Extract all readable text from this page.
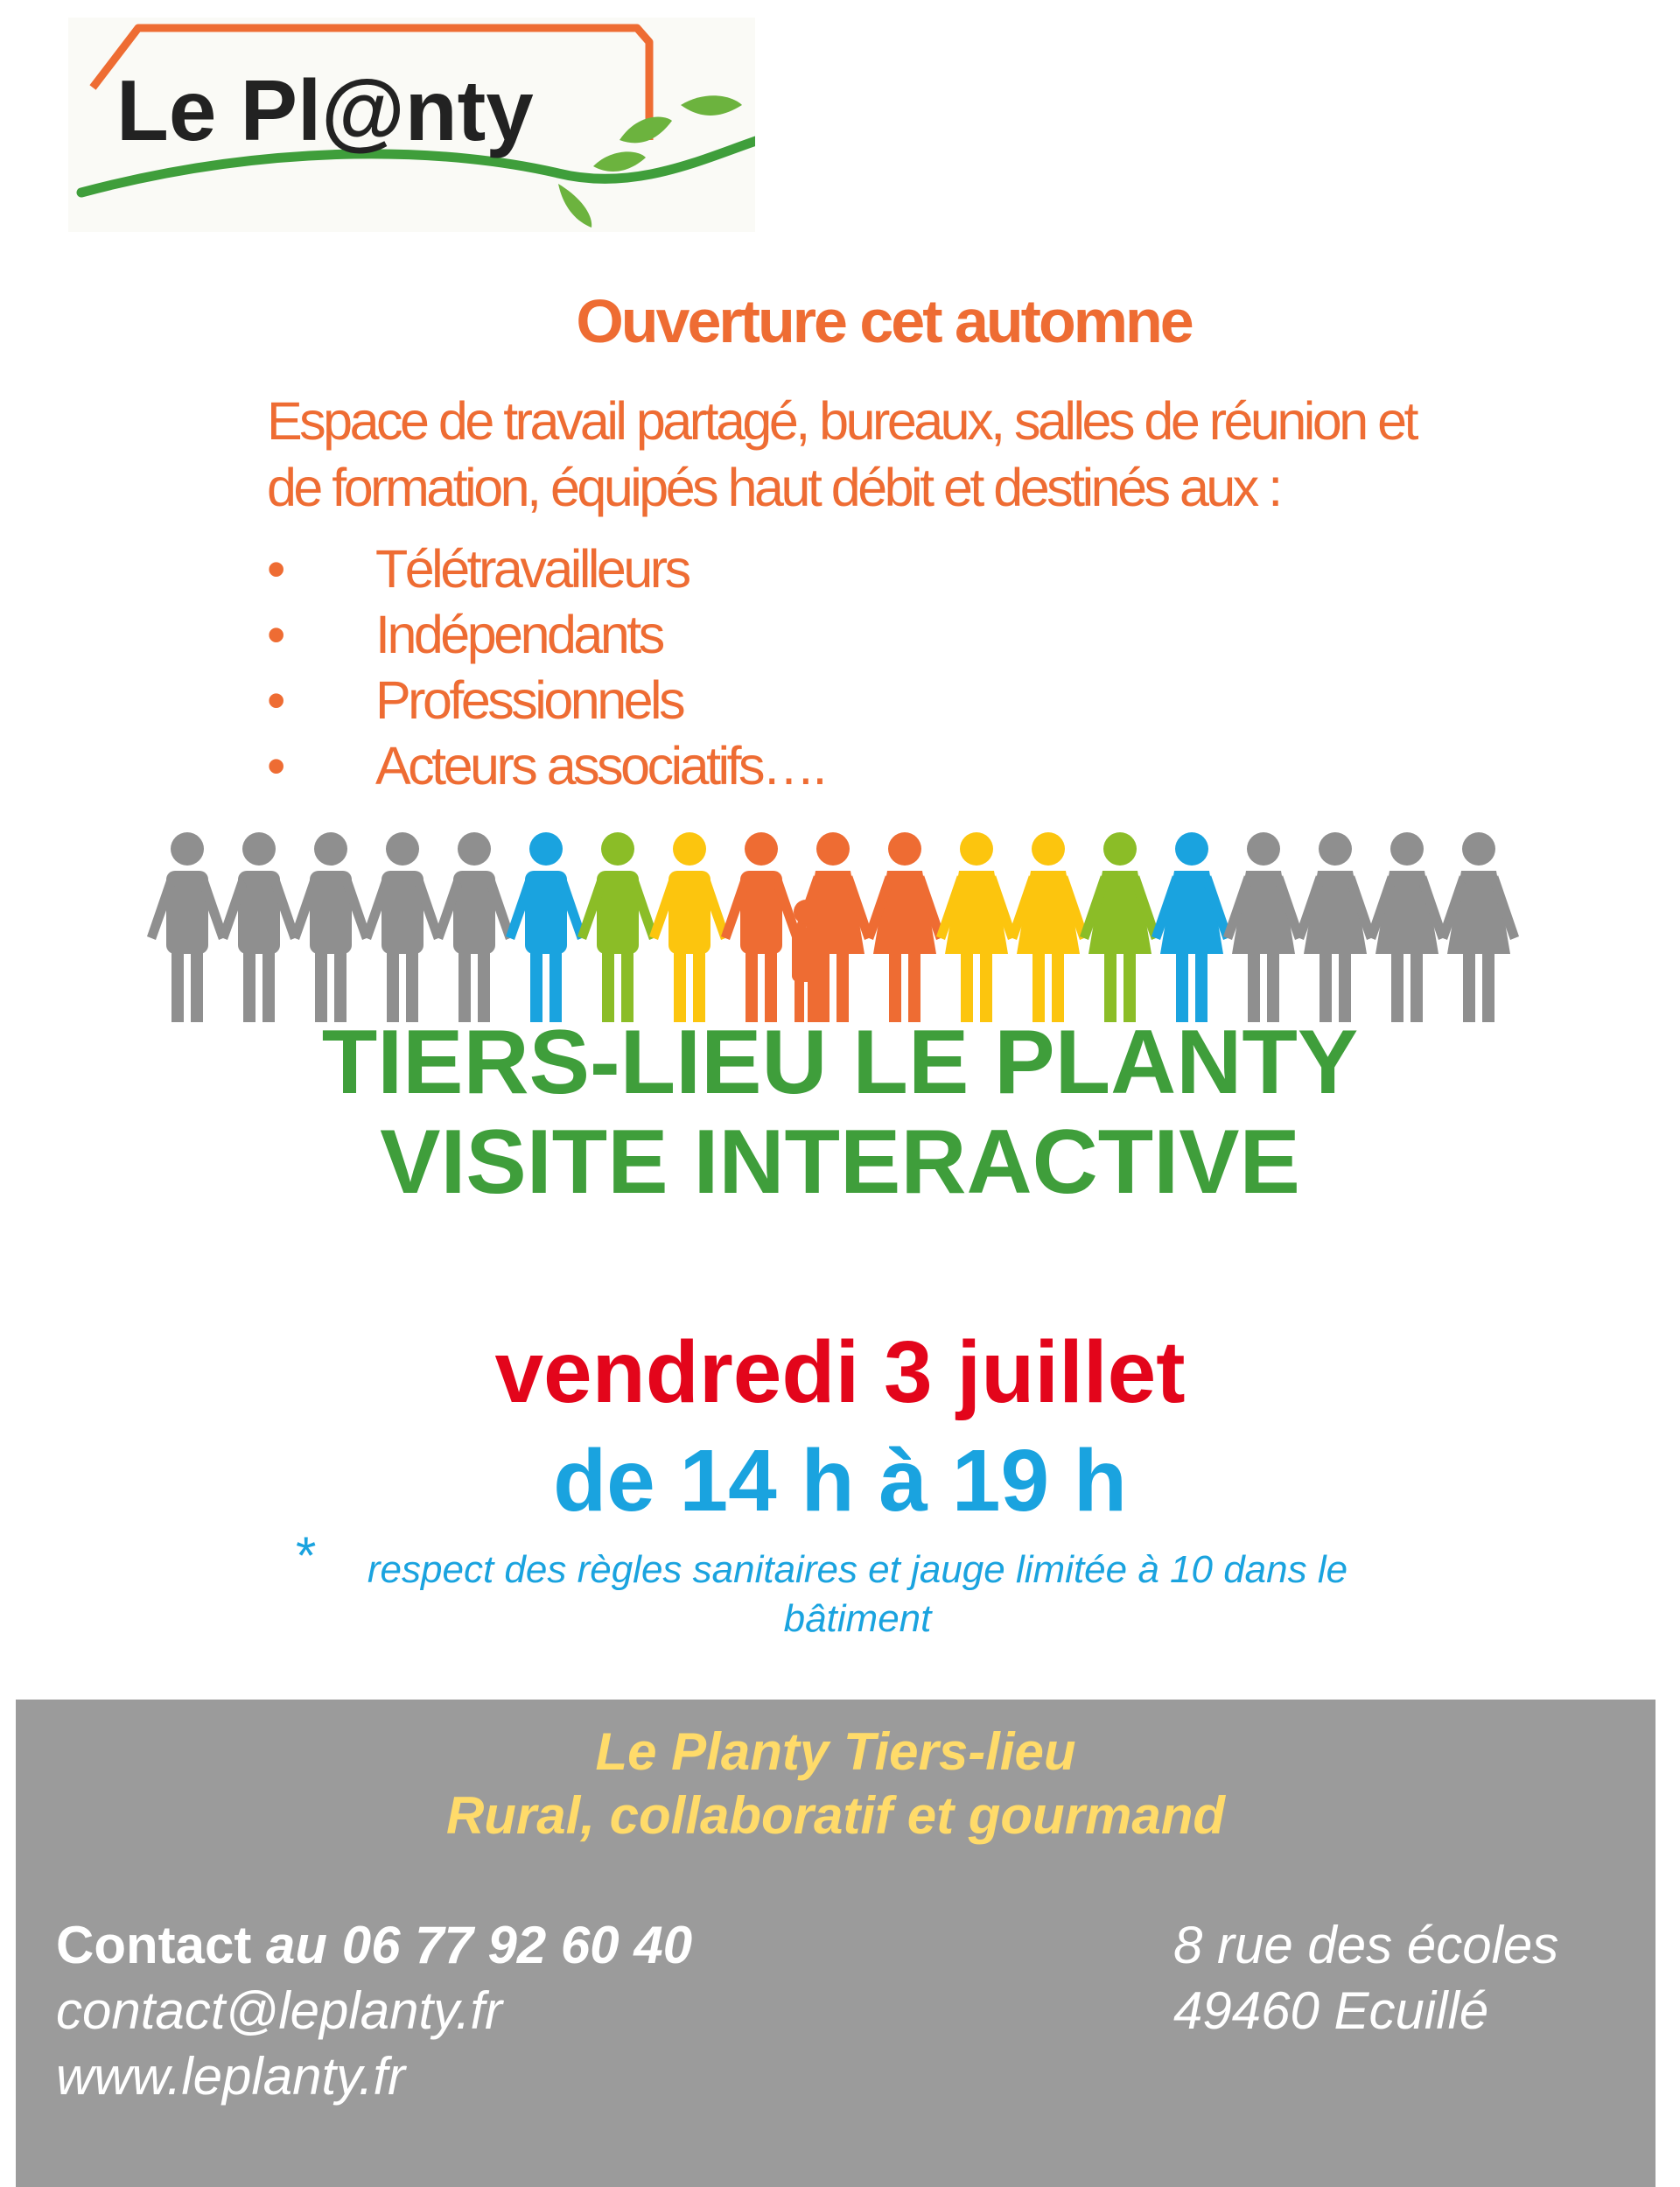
Le Pl@nty
Ouverture cet automne
Espace de travail partagé, bureaux, salles de réunion et
de formation, équipés haut débit et destinés aux :
• Télétravailleurs
• Indépendants
• Professionnels
• Acteurs associatifs….
TIERS-LIEU LE PLANTY
VISITE INTERACTIVE
vendredi 3 juillet
de 14 h à 19 h
*	respect des règles sanitaires et jauge limitée à 10 dans le
bâtiment
Le Planty Tiers-lieu
Rural, collaboratif et gourmand
Contact au 06 77 92 60 40
contact@leplanty.fr
www.leplanty.fr
8 rue des écoles
49460 Ecuillé
